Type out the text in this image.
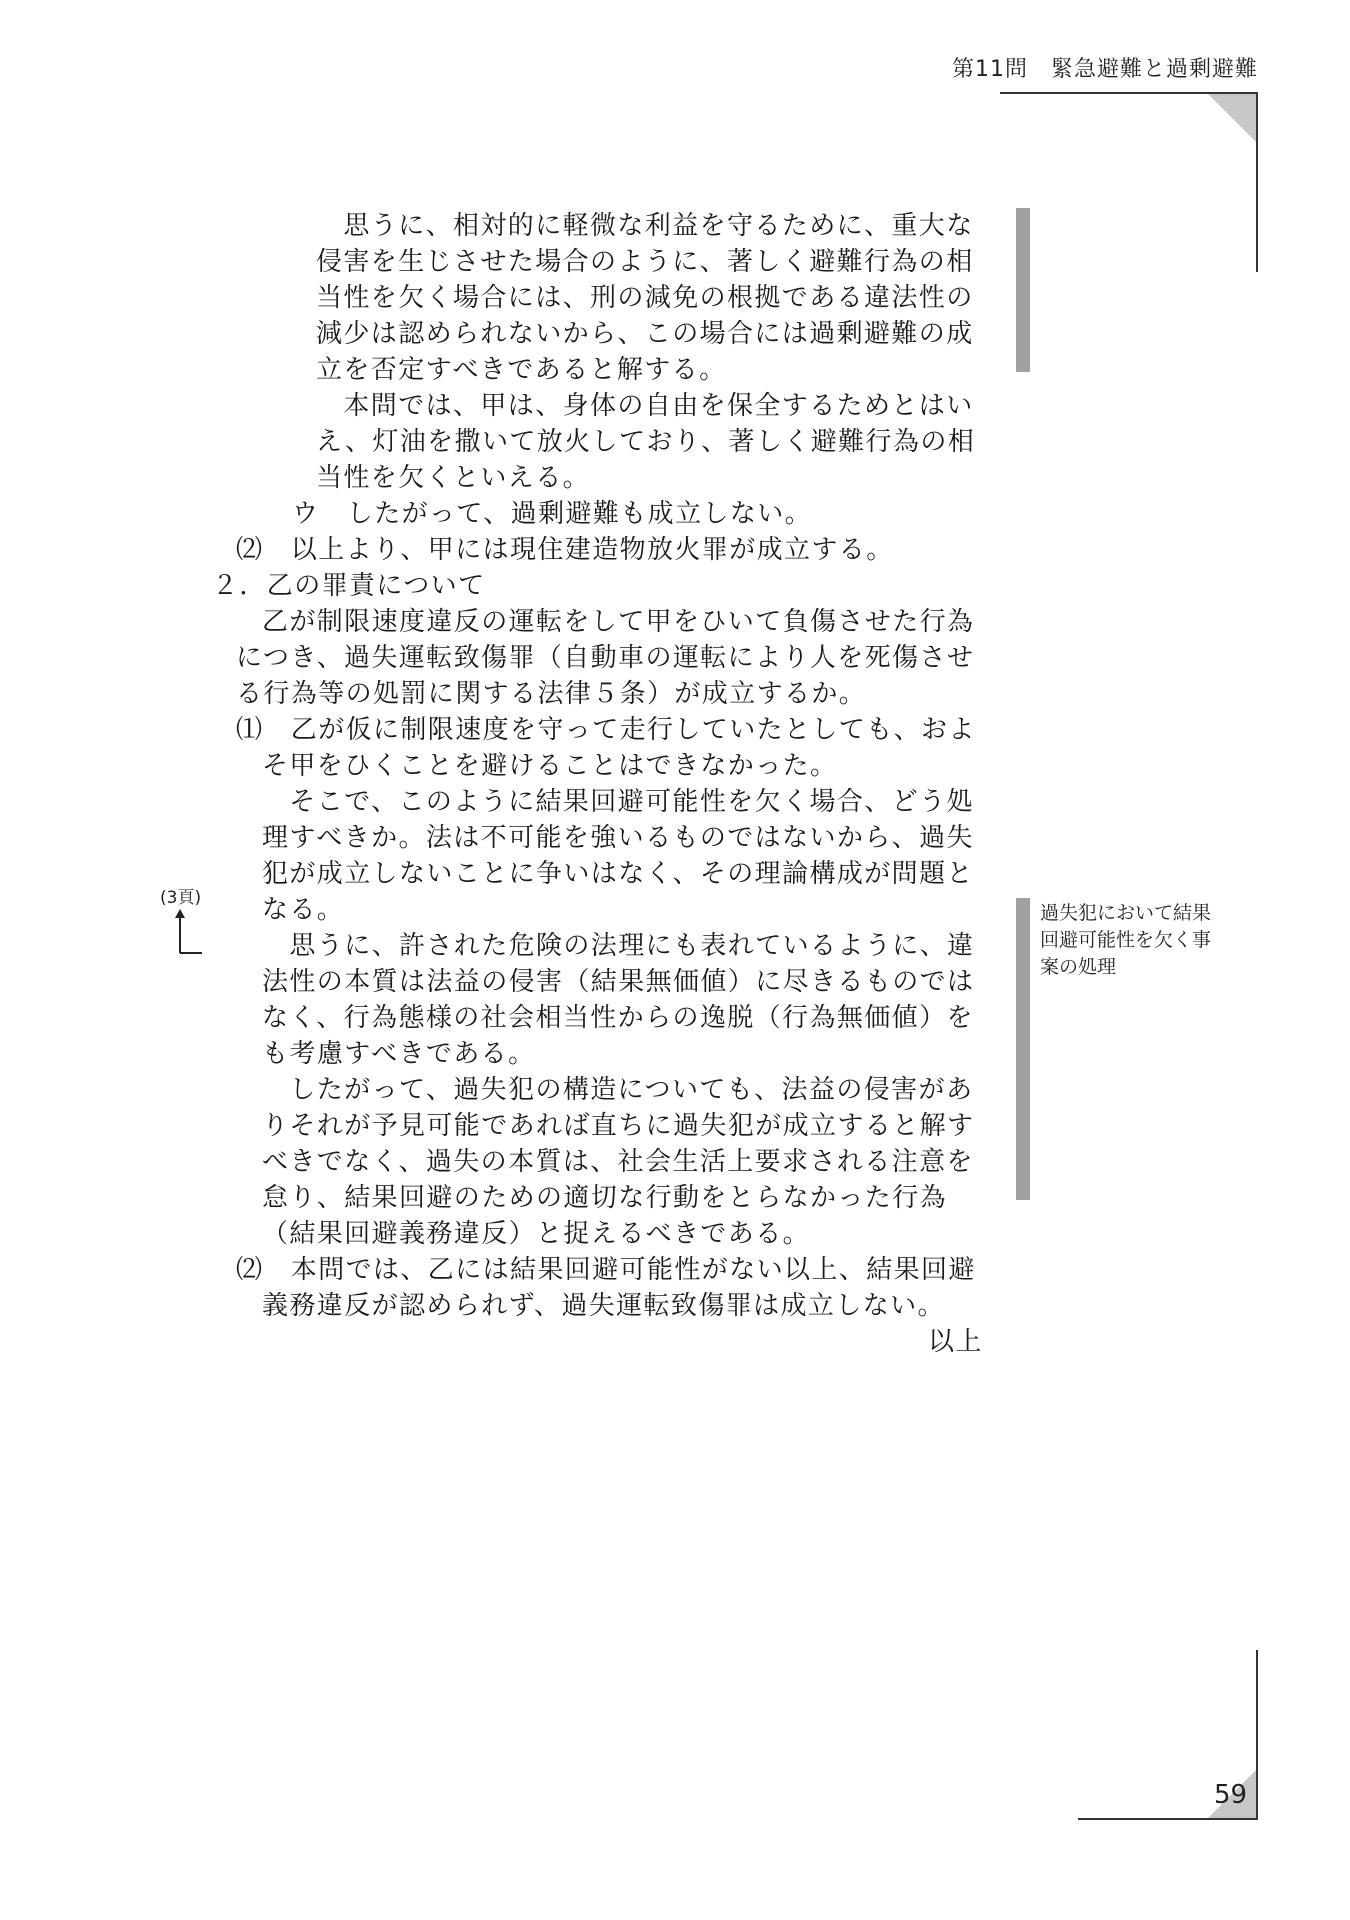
第11問　緊急避難と過剰避難
　思うに、相対的に軽微な利益を守るために、重大な
侵害を生じさせた場合のように、著しく避難行為の相
当性を欠く場合には、刑の減免の根拠である違法性の
減少は認められないから、この場合には過剰避難の成
立を否定すべきであると解する。
　本問では、甲は、身体の自由を保全するためとはい
え、灯油を撒いて放火しており、著しく避難行為の相
当性を欠くといえる。
ウ　したがって、過剰避難も成立しない。
⑵　以上より、甲には現住建造物放火罪が成立する。
２．乙の罪責について
乙が制限速度違反の運転をして甲をひいて負傷させた行為
につき、過失運転致傷罪（自動車の運転により人を死傷させ
る行為等の処罰に関する法律５条）が成立するか。
⑴　乙が仮に制限速度を守って走行していたとしても、およ
そ甲をひくことを避けることはできなかった。
　そこで、このように結果回避可能性を欠く場合、どう処
理すべきか。法は不可能を強いるものではないから、過失
犯が成立しないことに争いはなく、その理論構成が問題と
なる。
　思うに、許された危険の法理にも表れているように、違
法性の本質は法益の侵害（結果無価値）に尽きるものでは
なく、行為態様の社会相当性からの逸脱（行為無価値）を
も考慮すべきである。
　したがって、過失犯の構造についても、法益の侵害があ
りそれが予見可能であれば直ちに過失犯が成立すると解す
べきでなく、過失の本質は、社会生活上要求される注意を
怠り、結果回避のための適切な行動をとらなかった行為
（結果回避義務違反）と捉えるべきである。
⑵　本問では、乙には結果回避可能性がない以上、結果回避
義務違反が認められず、過失運転致傷罪は成立しない。
以上
過失犯において結果
回避可能性を欠く事
案の処理
(3頁)
59
